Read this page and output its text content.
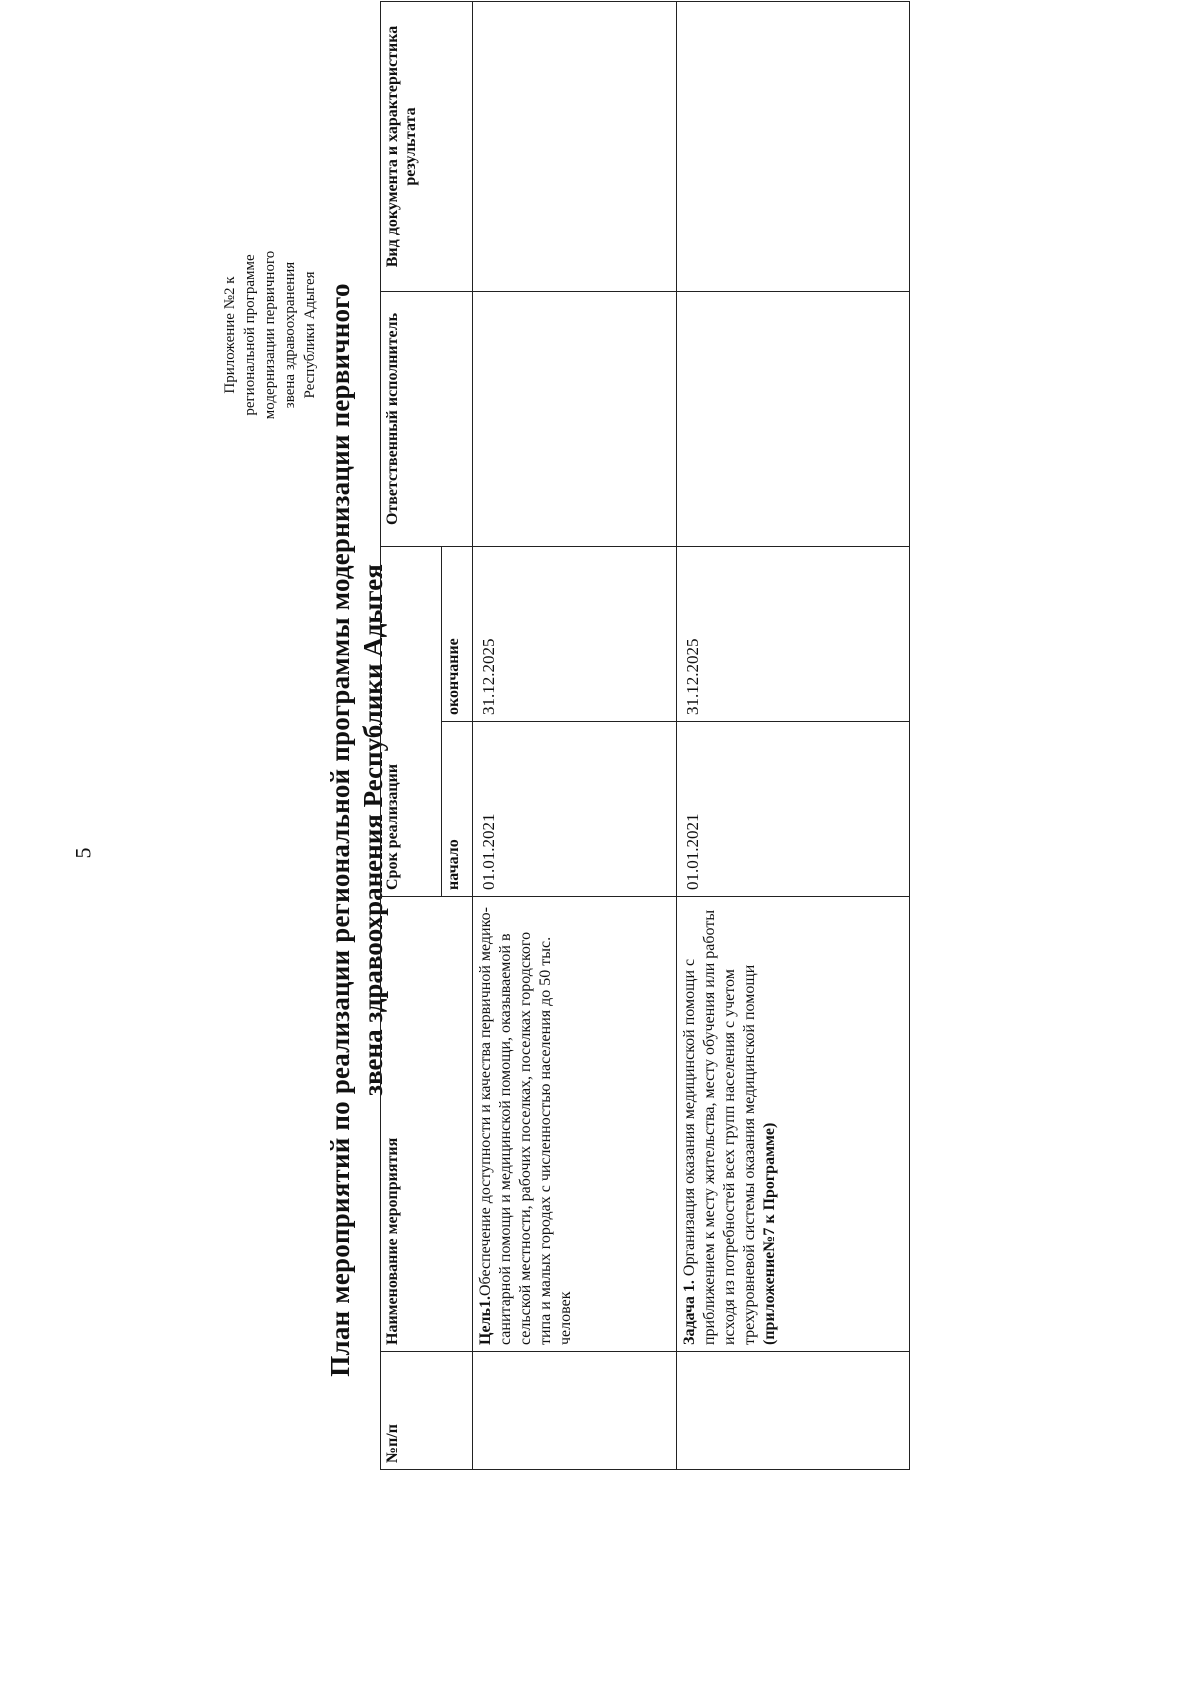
5
Приложение №2 к региональной программе модернизации первичного звена здравоохранения Республики Адыгея План мероприятий по реализации региональной программы модернизации первичного звена здравоохранения Республики Адыгея
№п/п	Наименование мероприятия	Срок реализации		Ответственный исполнитель	Вид документа и характеристика результата
		начало	окончание		
	Цель1.Обеспечение доступности и качества первичной медико-санитарной помощи и медицинской помощи, оказываемой в сельской местности, рабочих поселках, поселках городского типа и малых городах с численностью населения до 50 тыс. человек	01.01.2021	31.12.2025		
	Задача 1. Организация оказания медицинской помощи с приближением к месту жительства, месту обучения или работы исходя из потребностей всех групп населения с учетом трехуровневой системы оказания медицинской помощи (приложение№7 к Программе)	01.01.2021	31.12.2025		
